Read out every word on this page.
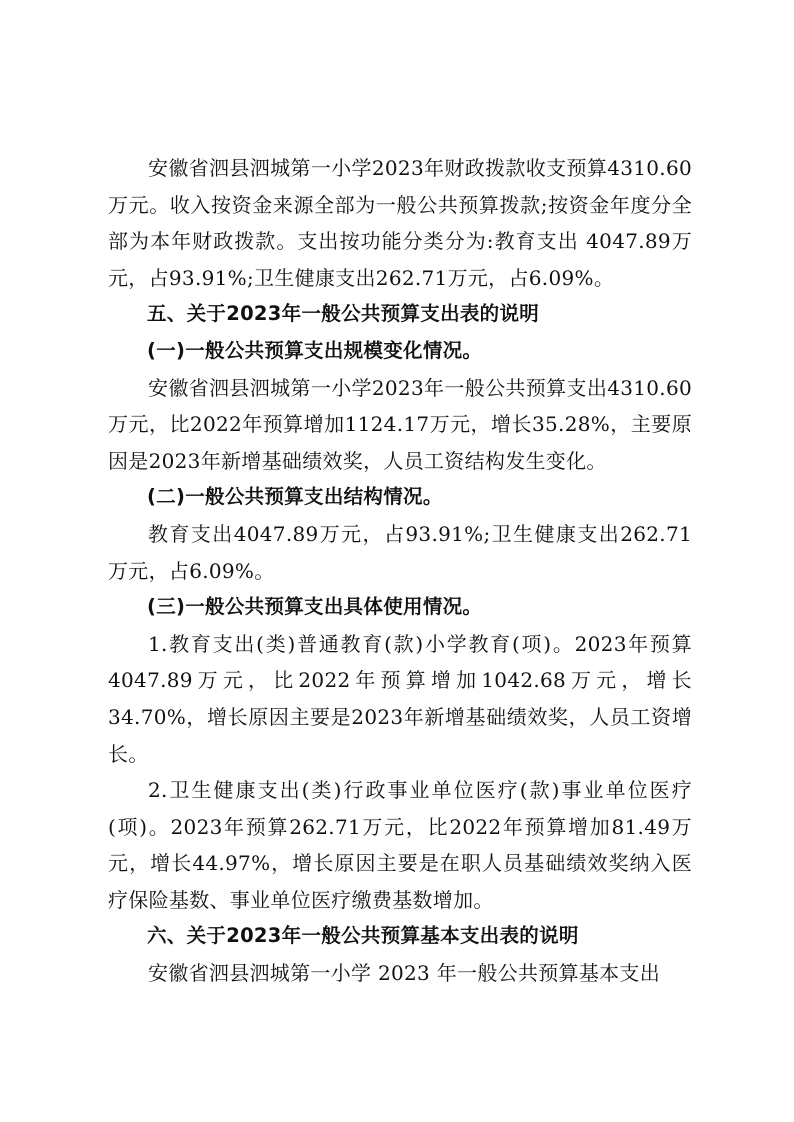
安徽省泗县泗城第一小学2023年财政拨款收支预算4310.60万元。收入按资金来源全部为一般公共预算拨款;按资金年度分全部为本年财政拨款。支出按功能分类分为:教育支出 4047.89万元，占93.91%;卫生健康支出262.71万元，占6.09%。

五、关于2023年一般公共预算支出表的说明

(一)一般公共预算支出规模变化情况。

安徽省泗县泗城第一小学2023年一般公共预算支出4310.60万元，比2022年预算增加1124.17万元，增长35.28%，主要原因是2023年新增基础绩效奖，人员工资结构发生变化。

(二)一般公共预算支出结构情况。

教育支出4047.89万元，占93.91%;卫生健康支出262.71万元，占6.09%。

(三)一般公共预算支出具体使用情况。

1.教育支出(类)普通教育(款)小学教育(项)。2023年预算4047.89万元，比2022年预算增加1042.68万元，增长34.70%，增长原因主要是2023年新增基础绩效奖，人员工资增长。

2.卫生健康支出(类)行政事业单位医疗(款)事业单位医疗(项)。2023年预算262.71万元，比2022年预算增加81.49万元，增长44.97%，增长原因主要是在职人员基础绩效奖纳入医疗保险基数、事业单位医疗缴费基数增加。

六、关于2023年一般公共预算基本支出表的说明

安徽省泗县泗城第一小学 2023 年一般公共预算基本支出
